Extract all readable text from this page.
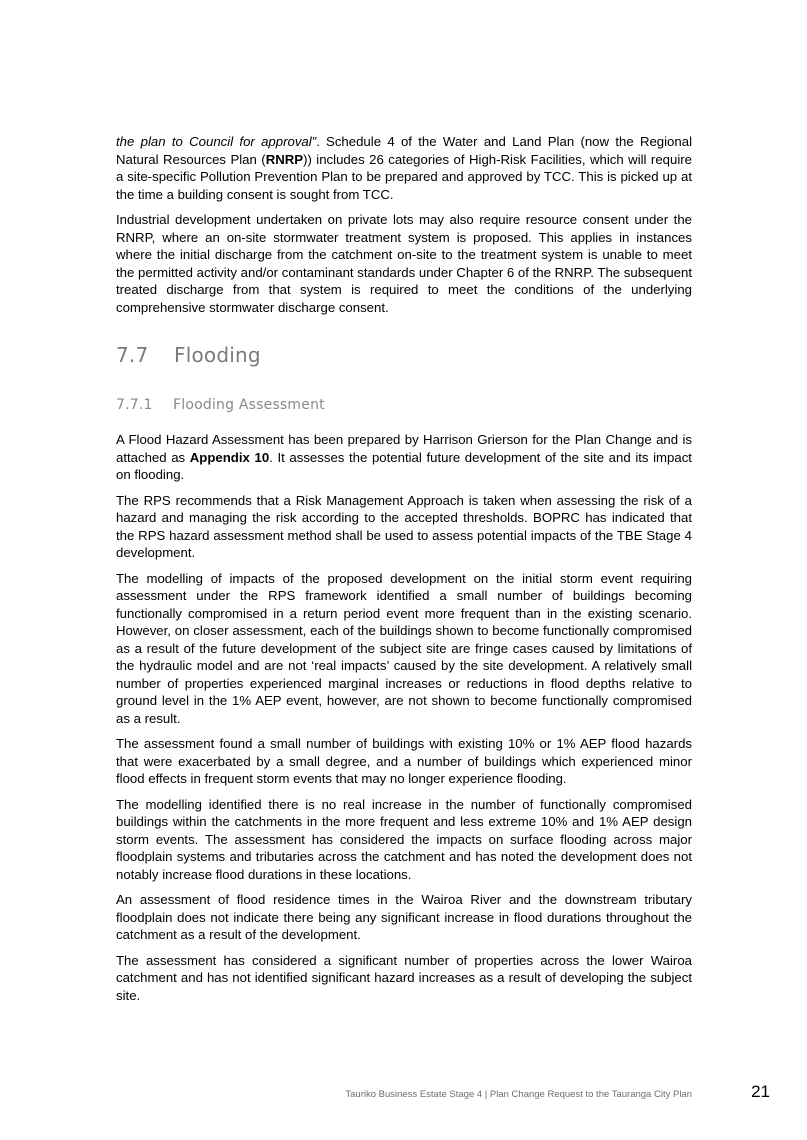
the plan to Council for approval”. Schedule 4 of the Water and Land Plan (now the Regional Natural Resources Plan (RNRP)) includes 26 categories of High-Risk Facilities, which will require a site-specific Pollution Prevention Plan to be prepared and approved by TCC. This is picked up at the time a building consent is sought from TCC.

Industrial development undertaken on private lots may also require resource consent under the RNRP, where an on-site stormwater treatment system is proposed. This applies in instances where the initial discharge from the catchment on-site to the treatment system is unable to meet the permitted activity and/or contaminant standards under Chapter 6 of the RNRP. The subsequent treated discharge from that system is required to meet the conditions of the underlying comprehensive stormwater discharge consent.

7.7 Flooding
7.7.1 Flooding Assessment

A Flood Hazard Assessment has been prepared by Harrison Grierson for the Plan Change and is attached as Appendix 10. It assesses the potential future development of the site and its impact on flooding.

The RPS recommends that a Risk Management Approach is taken when assessing the risk of a hazard and managing the risk according to the accepted thresholds. BOPRC has indicated that the RPS hazard assessment method shall be used to assess potential impacts of the TBE Stage 4 development.

The modelling of impacts of the proposed development on the initial storm event requiring assessment under the RPS framework identified a small number of buildings becoming functionally compromised in a return period event more frequent than in the existing scenario. However, on closer assessment, each of the buildings shown to become functionally compromised as a result of the future development of the subject site are fringe cases caused by limitations of the hydraulic model and are not ‘real impacts’ caused by the site development. A relatively small number of properties experienced marginal increases or reductions in flood depths relative to ground level in the 1% AEP event, however, are not shown to become functionally compromised as a result.

The assessment found a small number of buildings with existing 10% or 1% AEP flood hazards that were exacerbated by a small degree, and a number of buildings which experienced minor flood effects in frequent storm events that may no longer experience flooding.

The modelling identified there is no real increase in the number of functionally compromised buildings within the catchments in the more frequent and less extreme 10% and 1% AEP design storm events. The assessment has considered the impacts on surface flooding across major floodplain systems and tributaries across the catchment and has noted the development does not notably increase flood durations in these locations.

An assessment of flood residence times in the Wairoa River and the downstream tributary floodplain does not indicate there being any significant increase in flood durations throughout the catchment as a result of the development.

The assessment has considered a significant number of properties across the lower Wairoa catchment and has not identified significant hazard increases as a result of developing the subject site.

Tauriko Business Estate Stage 4 | Plan Change Request to the Tauranga City Plan	21
